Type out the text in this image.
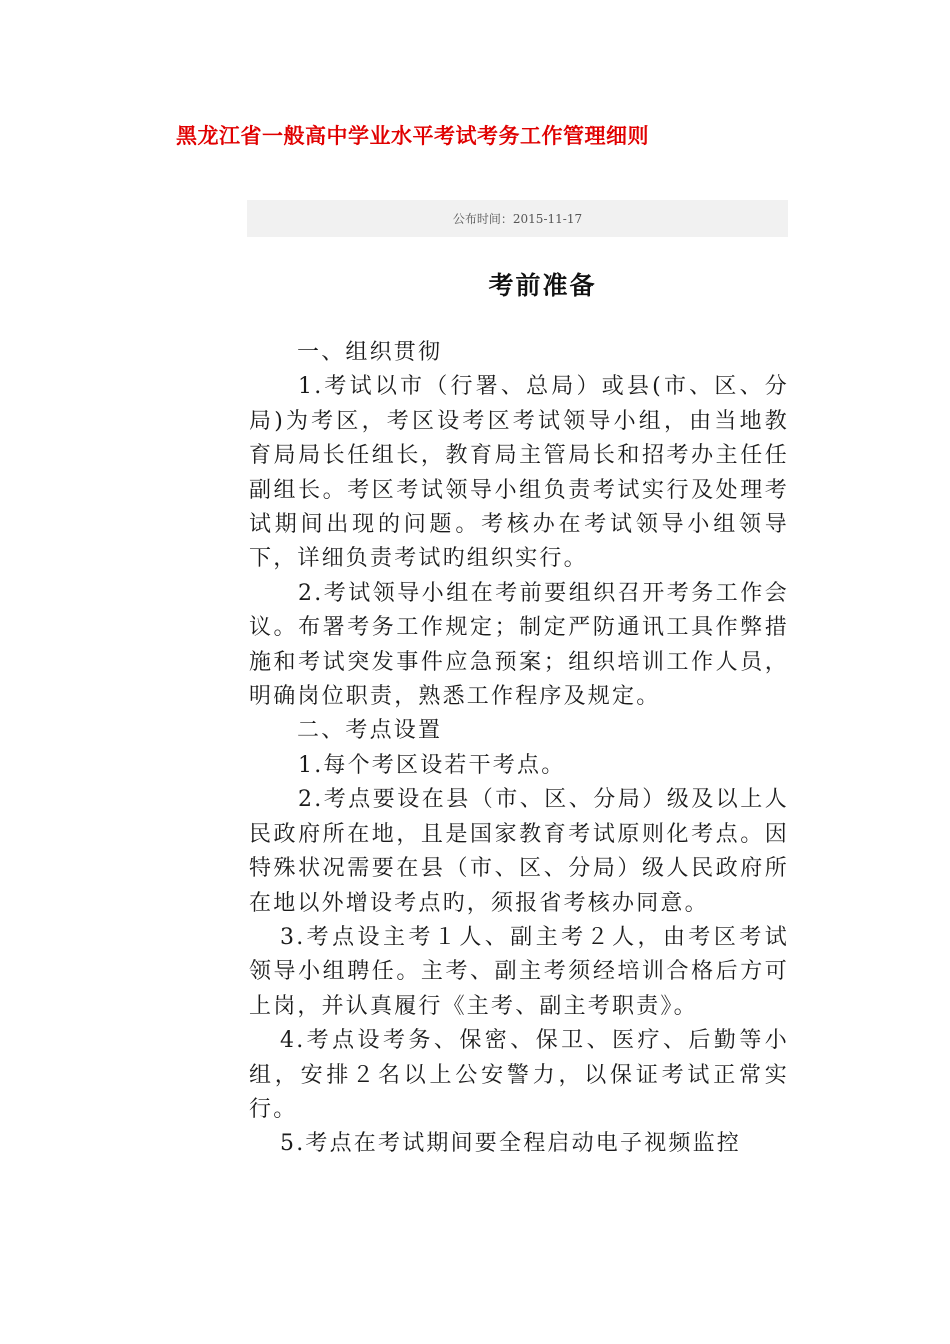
黑龙江省一般高中学业水平考试考务工作管理细则
公布时间： 2015-11-17
考前准备

一、组织贯彻

1.考试以市（行署、总局）或县(市、区、分局)为考区，考区设考区考试领导小组，由当地教育局局长任组长，教育局主管局长和招考办主任任副组长。考区考试领导小组负责考试实行及处理考试期间出现的问题。考核办在考试领导小组领导下，详细负责考试旳组织实行。

2.考试领导小组在考前要组织召开考务工作会议。布署考务工作规定；制定严防通讯工具作弊措施和考试突发事件应急预案；组织培训工作人员，明确岗位职责，熟悉工作程序及规定。

二、考点设置

1.每个考区设若干考点。

2.考点要设在县（市、区、分局）级及以上人民政府所在地，且是国家教育考试原则化考点。因特殊状况需要在县（市、区、分局）级人民政府所在地以外增设考点旳，须报省考核办同意。

3.考点设主考１人、副主考２人，由考区考试领导小组聘任。主考、副主考须经培训合格后方可上岗，并认真履行《主考、副主考职责》。

4.考点设考务、保密、保卫、医疗、后勤等小组，安排２名以上公安警力，以保证考试正常实行。

5.考点在考试期间要全程启动电子视频监控
